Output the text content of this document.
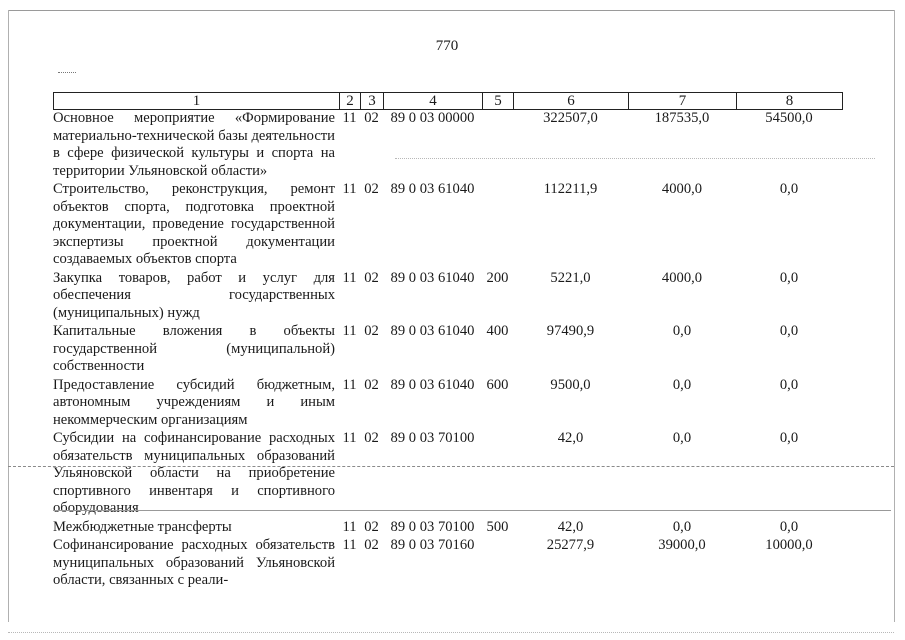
770
1	2	3	4	5	6	7	8
Основное мероприятие «Формирование материально-технической базы деятельности в сфере физической культуры и спорта на территории Ульяновской области»	11	02	89 0 03 00000		322507,0	187535,0	54500,0
Строительство, реконструкция, ремонт объектов спорта, подготовка проектной документации, проведение государственной экспертизы проектной документации создаваемых объектов спорта	11	02	89 0 03 61040		112211,9	4000,0	0,0
Закупка товаров, работ и услуг для обеспечения государственных (муниципальных) нужд	11	02	89 0 03 61040	200	5221,0	4000,0	0,0
Капитальные вложения в объекты государственной (муниципальной) собственности	11	02	89 0 03 61040	400	97490,9	0,0	0,0
Предоставление субсидий бюджетным, автономным учреждениям и иным некоммерческим организациям	11	02	89 0 03 61040	600	9500,0	0,0	0,0
Субсидии на софинансирование расходных обязательств муниципальных образований Ульяновской области на приобретение спортивного инвентаря и спортивного оборудования	11	02	89 0 03 70100		42,0	0,0	0,0
Межбюджетные трансферты	11	02	89 0 03 70100	500	42,0	0,0	0,0
Софинансирование расходных обязательств муниципальных образований Ульяновской области, связанных с реали-	11	02	89 0 03 70160		25277,9	39000,0	10000,0
